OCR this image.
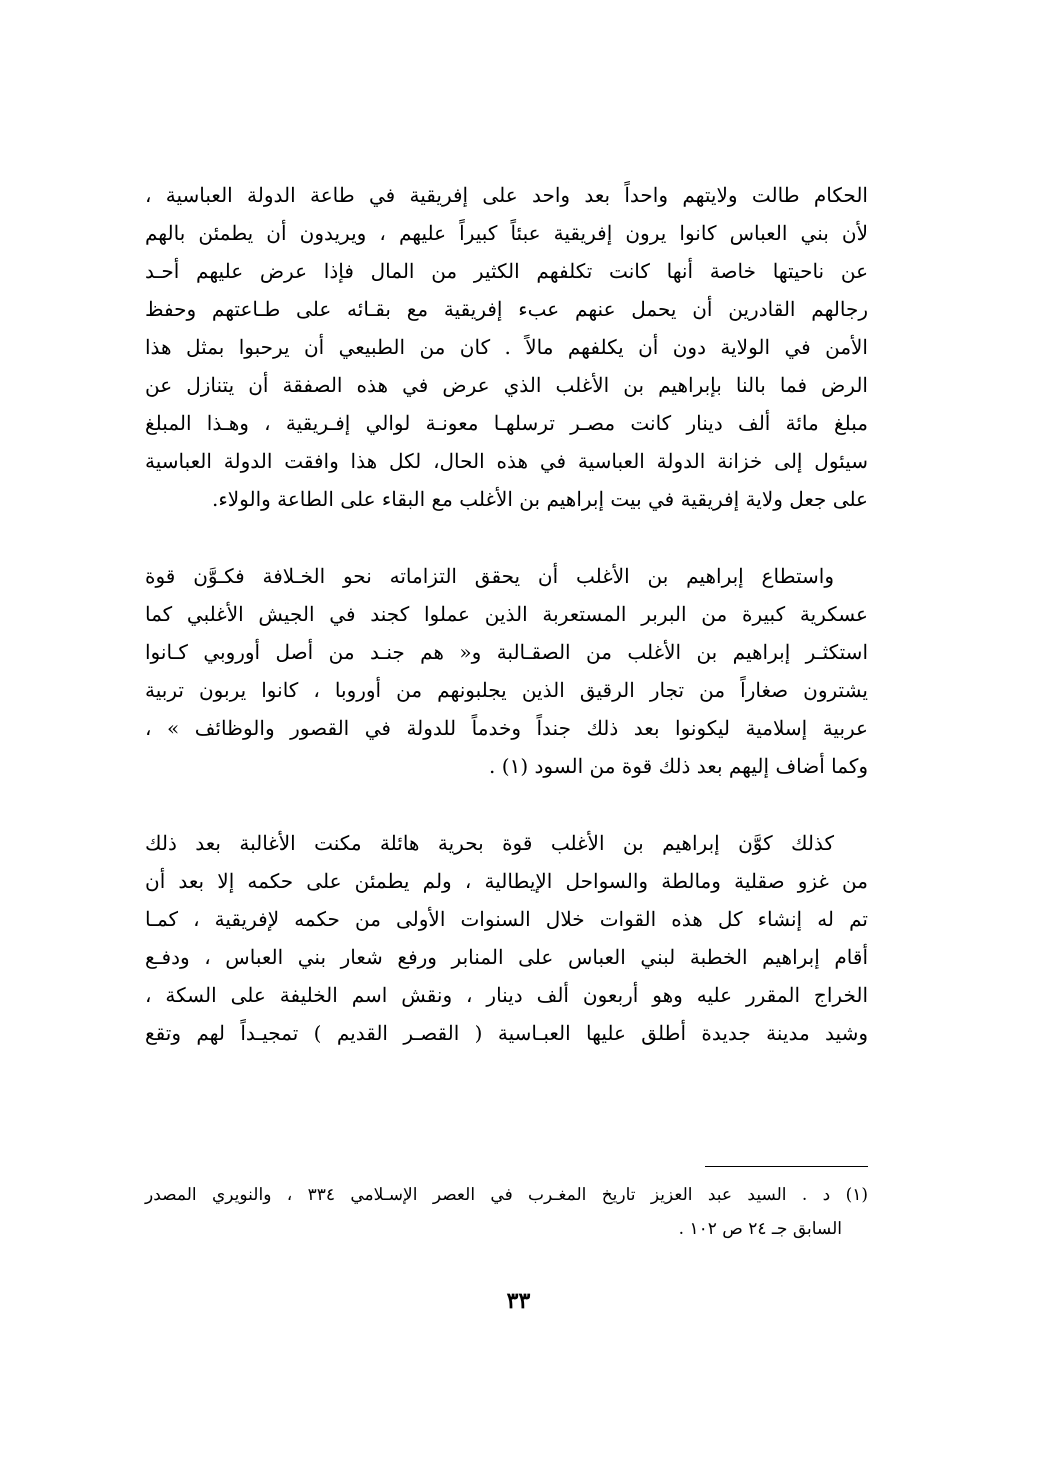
الحكام طالت ولايتهم واحداً بعد واحد على إفريقية في طاعة الدولة العباسية ،
لأن بني العباس كانوا يرون إفريقية عبئاً كبيراً عليهم ، ويريدون أن يطمئن بالهم
عن ناحيتها خاصة أنها كانت تكلفهم الكثير من المال فإذا عرض عليهم أحـد
رجالهم القادرين أن يحمل عنهم عبء إفريقية مع بقـائه على طـاعتهم وحفظ
الأمن في الولاية دون أن يكلفهم مالاً . كان من الطبيعي أن يرحبوا بمثل هذا
الرض فما بالنا بإبراهيم بن الأغلب الذي عرض في هذه الصفقة أن يتنازل عن
مبلغ مائة ألف دينار كانت مصـر ترسلهـا معونـة لوالي إفـريقية ، وهـذا المبلغ
سيئول إلى خزانة الدولة العباسية في هذه الحال، لكل هذا وافقت الدولة العباسية
على جعل ولاية إفريقية في بيت إبراهيم بن الأغلب مع البقاء على الطاعة والولاء.
واستطاع إبراهيم بن الأغلب أن يحقق التزاماته نحو الخـلافة فكـوَّن قوة
عسكرية كبيرة من البربر المستعربة الذين عملوا كجند في الجيش الأغلبي كما
استكثـر إبراهيم بن الأغلب من الصقـالبة و« هم جنـد من أصل أوروبي كـانوا
يشترون صغاراً من تجار الرقيق الذين يجلبونهم من أوروبا ، كانوا يربون تربية
عربية إسلامية ليكونوا بعد ذلك جنداً وخدماً للدولة في القصور والوظائف » ،
وكما أضاف إليهم بعد ذلك قوة من السود (١) .
كذلك كوَّن إبراهيم بن الأغلب قوة بحرية هائلة مكنت الأغالبة بعد ذلك
من غزو صقلية ومالطة والسواحل الإيطالية ، ولم يطمئن على حكمه إلا بعد أن
تم له إنشاء كل هذه القوات خلال السنوات الأولى من حكمه لإفريقية ، كمـا
أقام إبراهيم الخطبة لبني العباس على المنابر ورفع شعار بني العباس ، ودفـع
الخراج المقرر عليه وهو أربعون ألف دينار ، ونقش اسم الخليفة على السكة ،
وشيد مدينة جديدة أطلق عليها العبـاسية ( القصـر القديم ) تمجيـداً لهم وتقع
(١) د . السيد عبد العزيز تاريخ المغـرب في العصر الإسـلامي ٣٣٤ ، والنويري المصدر
السابق جـ ٢٤ ص ١٠٢ .
٣٣
